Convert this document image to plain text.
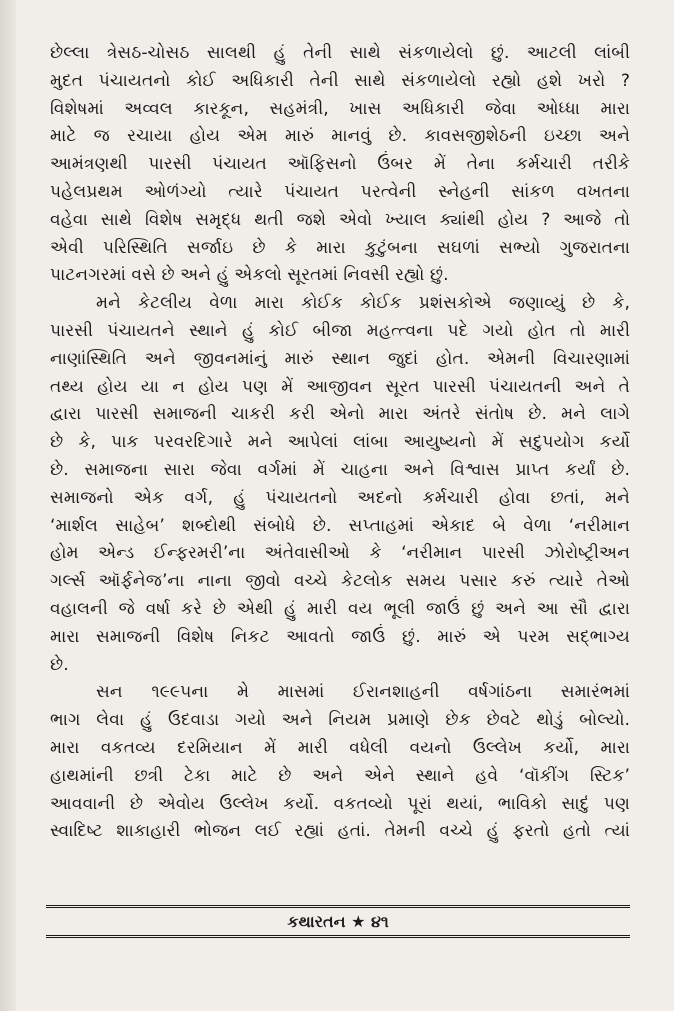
છેલ્લા ત્રેસઠ-ચોસઠ સાલથી હું તેની સાથે સંકળાયેલો છું. આટલી લાંબી
મુદત પંચાયતનો કોઈ અધિકારી તેની સાથે સંકળાયેલો રહ્યો હશે ખરો ?
વિશેષમાં અવ્વલ કારકૂન, સહમંત્રી, ખાસ અધિકારી જેવા ઓધ્ધા મારા
માટે જ રચાયા હોય એમ મારું માનવું છે. કાવસજીશેઠની ઇચ્છા અને
આમંત્રણથી પારસી પંચાયત ઑફિસનો ઉંબર મેં તેના કર્મચારી તરીકે
પહેલપ્રથમ ઓળંગ્યો ત્યારે પંચાયત પરત્વેની સ્નેહની સાંકળ વખતના
વહેવા સાથે વિશેષ સમૃદ્ધ થતી જશે એવો ખ્યાલ ક્યાંથી હોય ? આજે તો
એવી પરિસ્થિતિ સર્જાઇ છે કે મારા કુટુંબના સઘળાં સભ્યો ગુજરાતના
પાટનગરમાં વસે છે અને હું એકલો સૂરતમાં નિવસી રહ્યો છું.
મને કેટલીય વેળા મારા કોઈક કોઈક પ્રશંસકોએ જણાવ્યું છે કે,
પારસી પંચાયતને સ્થાને હું કોઈ બીજા મહત્ત્વના પદે ગયો હોત તો મારી
નાણાંસ્થિતિ અને જીવનમાંનું મારું સ્થાન જુદાં હોત. એમની વિચારણામાં
તથ્ય હોય યા ન હોય પણ મેં આજીવન સૂરત પારસી પંચાયતની અને તે
દ્વારા પારસી સમાજની ચાકરી કરી એનો મારા અંતરે સંતોષ છે. મને લાગે
છે કે, પાક પરવરદિગારે મને આપેલાં લાંબા આયુષ્યનો મેં સદુપયોગ કર્યો
છે. સમાજના સારા જેવા વર્ગમાં મેં ચાહના અને વિશ્વાસ પ્રાપ્ત કર્યાં છે.
સમાજનો એક વર્ગ, હું પંચાયતનો અદનો કર્મચારી હોવા છતાં, મને
‘માર્શલ સાહેબ’ શબ્દોથી સંબોધે છે. સપ્તાહમાં એકાદ બે વેળા ‘નરીમાન
હોમ એન્ડ ઈન્ફરમરી’ના અંતેવાસીઓ કે ‘નરીમાન પારસી ઝોરોષ્ટ્રીઅન
ગર્લ્સ ઑર્ફનેજ’ના નાના જીવો વચ્ચે કેટલોક સમય પસાર કરું ત્યારે તેઓ
વહાલની જે વર્ષા કરે છે એથી હું મારી વય ભૂલી જાઉં છું અને આ સૌ દ્વારા
મારા સમાજની વિશેષ નિકટ આવતો જાઉં છું. મારું એ પરમ સદ્ભાગ્ય
છે.
સન ૧૯૯૫ના મે માસમાં ઈરાનશાહની વર્ષગાંઠના સમારંભમાં
ભાગ લેવા હું ઉદવાડા ગયો અને નિયમ પ્રમાણે છેક છેવટે થોડું બોલ્યો.
મારા વકતવ્ય દરમિયાન મેં મારી વધેલી વયનો ઉલ્લેખ કર્યો, મારા
હાથમાંની છત્રી ટેકા માટે છે અને એને સ્થાને હવે ‘વૉકીંગ સ્ટિક’
આવવાની છે એવોય ઉલ્લેખ કર્યો. વકતવ્યો પૂરાં થયાં, ભાવિકો સાદું પણ
સ્વાદિષ્ટ શાકાહારી ભોજન લઈ રહ્યાં હતાં. તેમની વચ્ચે હું ફરતો હતો ત્યાં
કથારતન ★ ૪૧
